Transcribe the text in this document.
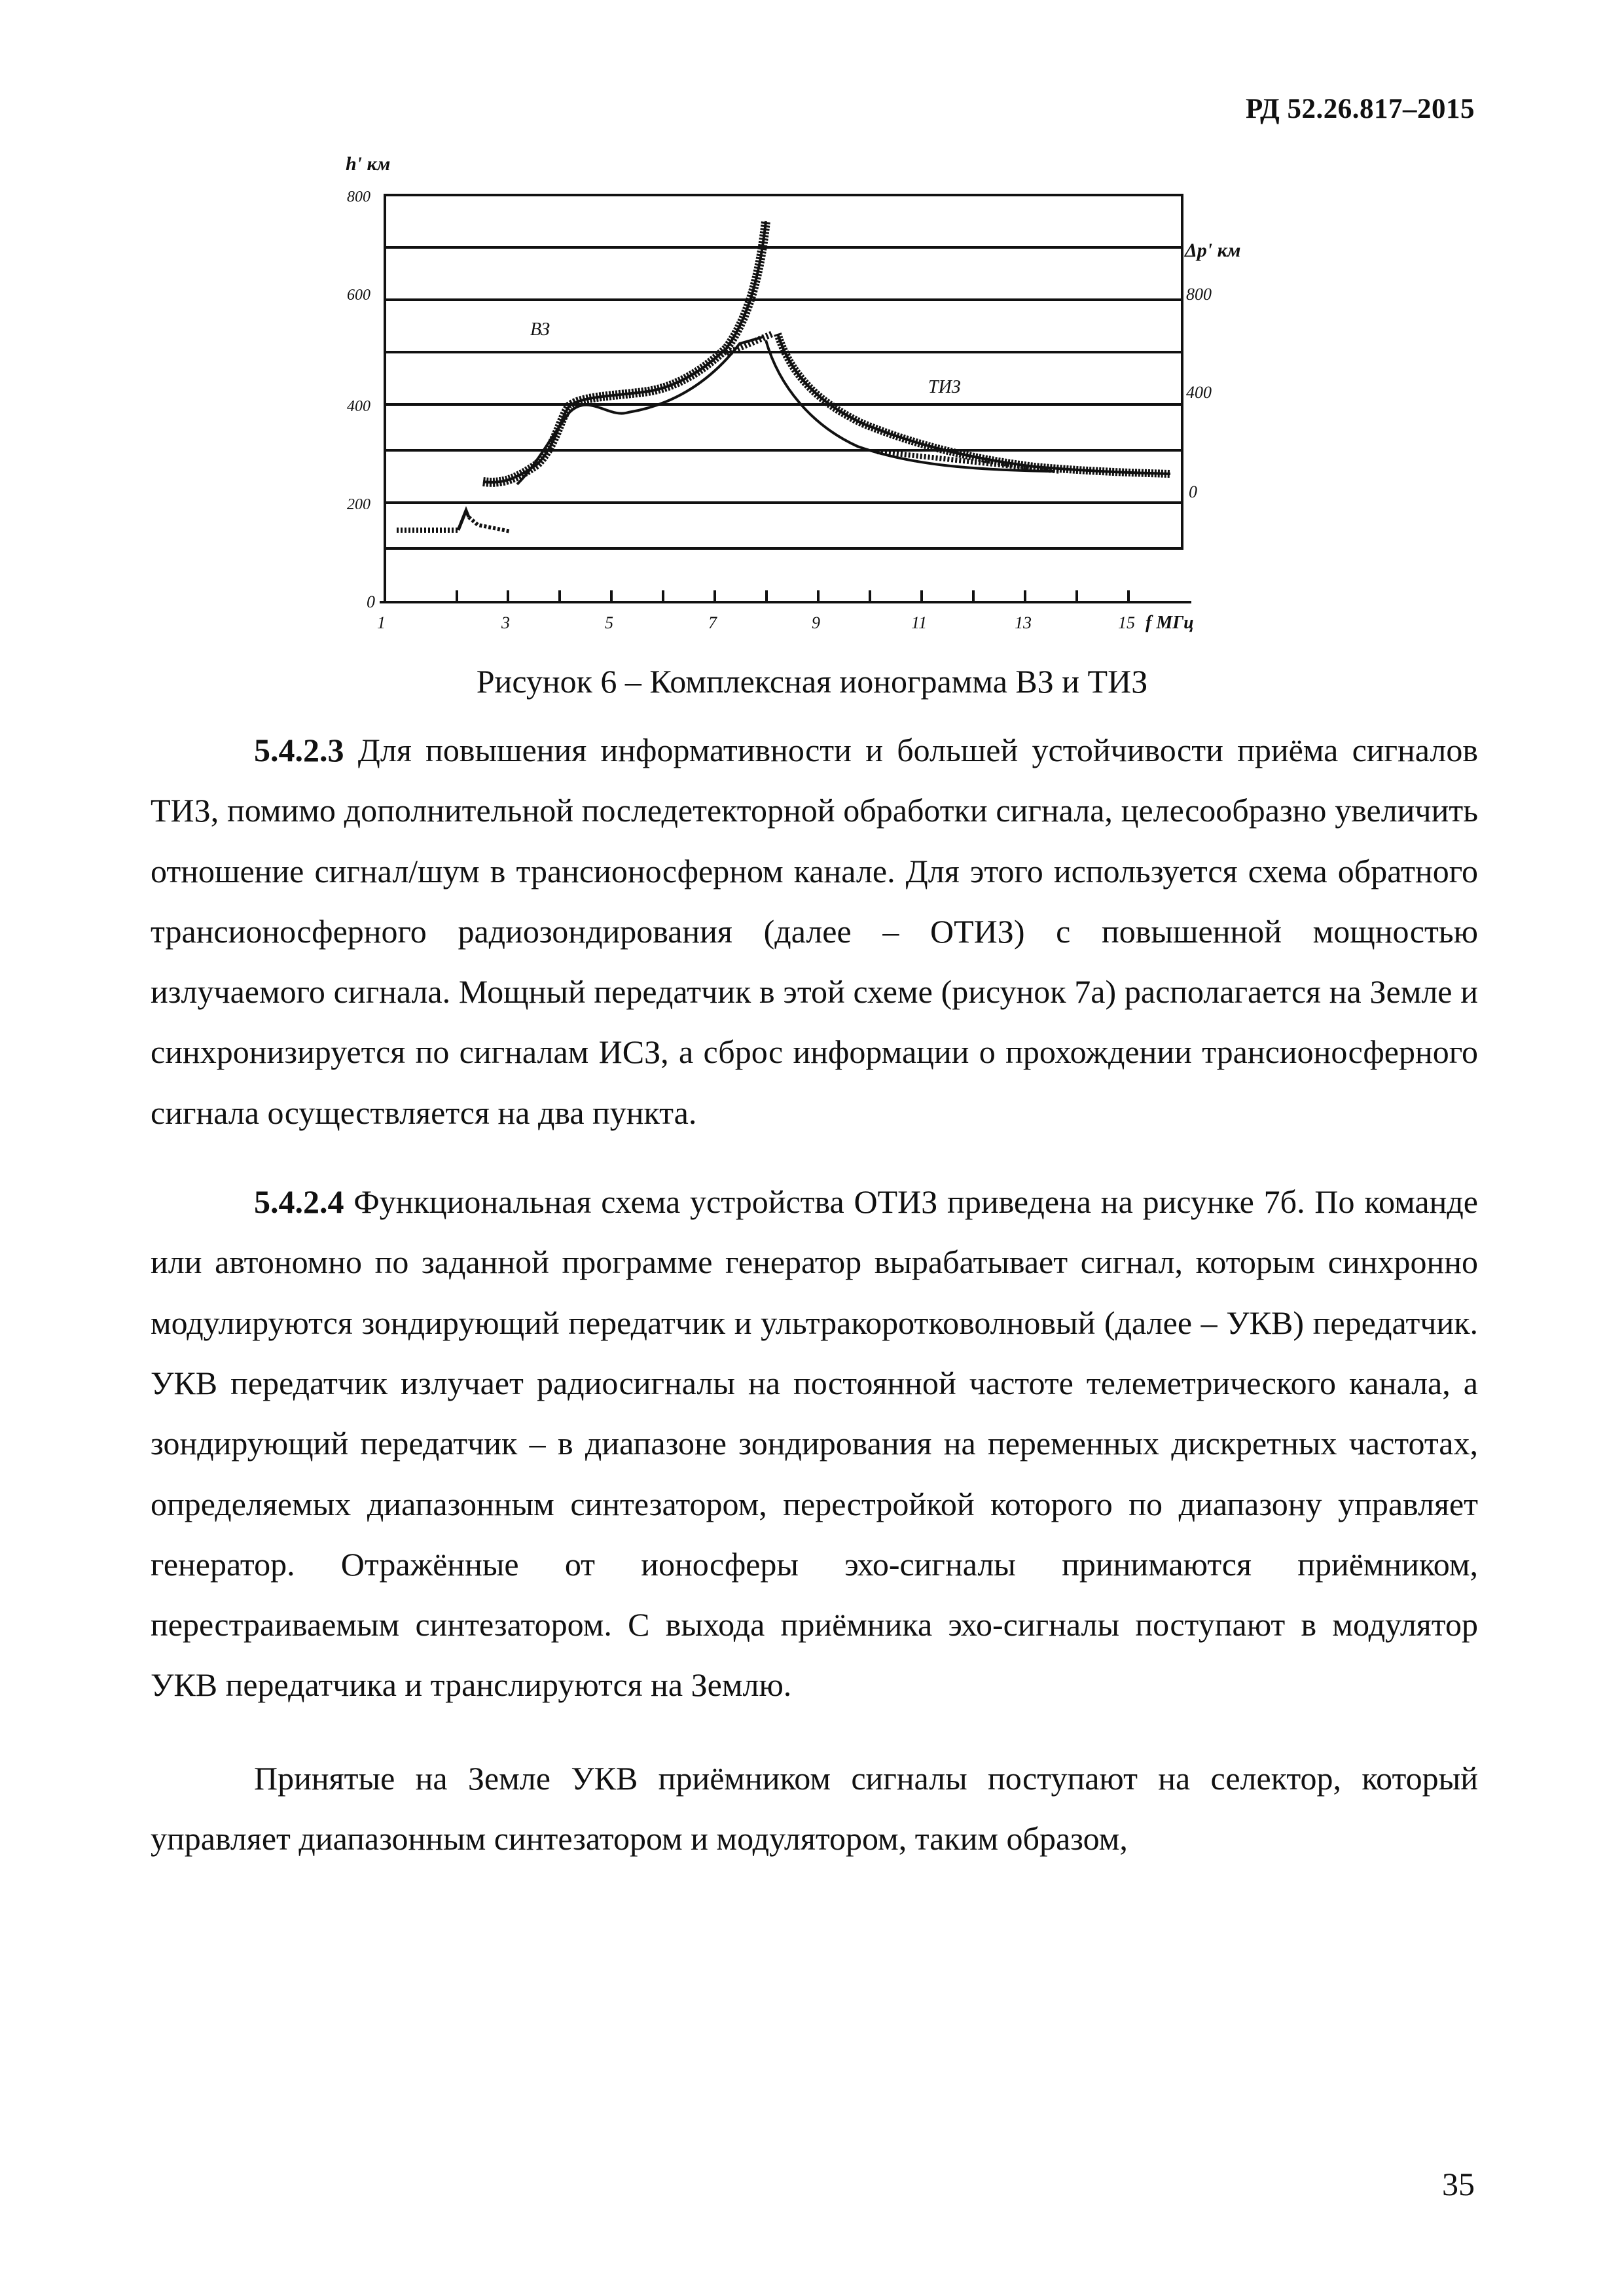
РД 52.26.817–2015
h' км
Δp' км
800
600
400
200
0
800
400
0
1	3	5	7	9	11	13	15 f МГц
ВЗ
ТИЗ
Рисунок 6 – Комплексная ионограмма ВЗ и ТИЗ

5.4.2.3 Для повышения информативности и большей устойчивости приёма сигналов ТИЗ, помимо дополнительной последетекторной обработки сигнала, целесообразно увеличить отношение сигнал/шум в трансионосферном канале. Для этого используется схема обратного трансионосферного радиозондирования (далее – ОТИЗ) с повышенной мощностью излучаемого сигнала. Мощный передатчик в этой схеме (рисунок 7а) располагается на Земле и синхронизируется по сигналам ИСЗ, а сброс информации о прохождении трансионосферного сигнала осуществляется на два пункта.

5.4.2.4 Функциональная схема устройства ОТИЗ приведена на рисунке 7б. По команде или автономно по заданной программе генератор вырабатывает сигнал, которым синхронно модулируются зондирующий передатчик и ультракоротковолновый (далее – УКВ) передатчик. УКВ передатчик излучает радиосигналы на постоянной частоте телеметрического канала, а зондирующий передатчик – в диапазоне зондирования на переменных дискретных частотах, определяемых диапазонным синтезатором, перестройкой которого по диапазону управляет генератор. Отражённые от ионосферы эхо-сигналы принимаются приёмником, перестраиваемым синтезатором. С выхода приёмника эхо-сигналы поступают в модулятор УКВ передатчика и транслируются на Землю.

Принятые на Земле УКВ приёмником сигналы поступают на селектор, который управляет диапазонным синтезатором и модулятором, таким образом,

35
